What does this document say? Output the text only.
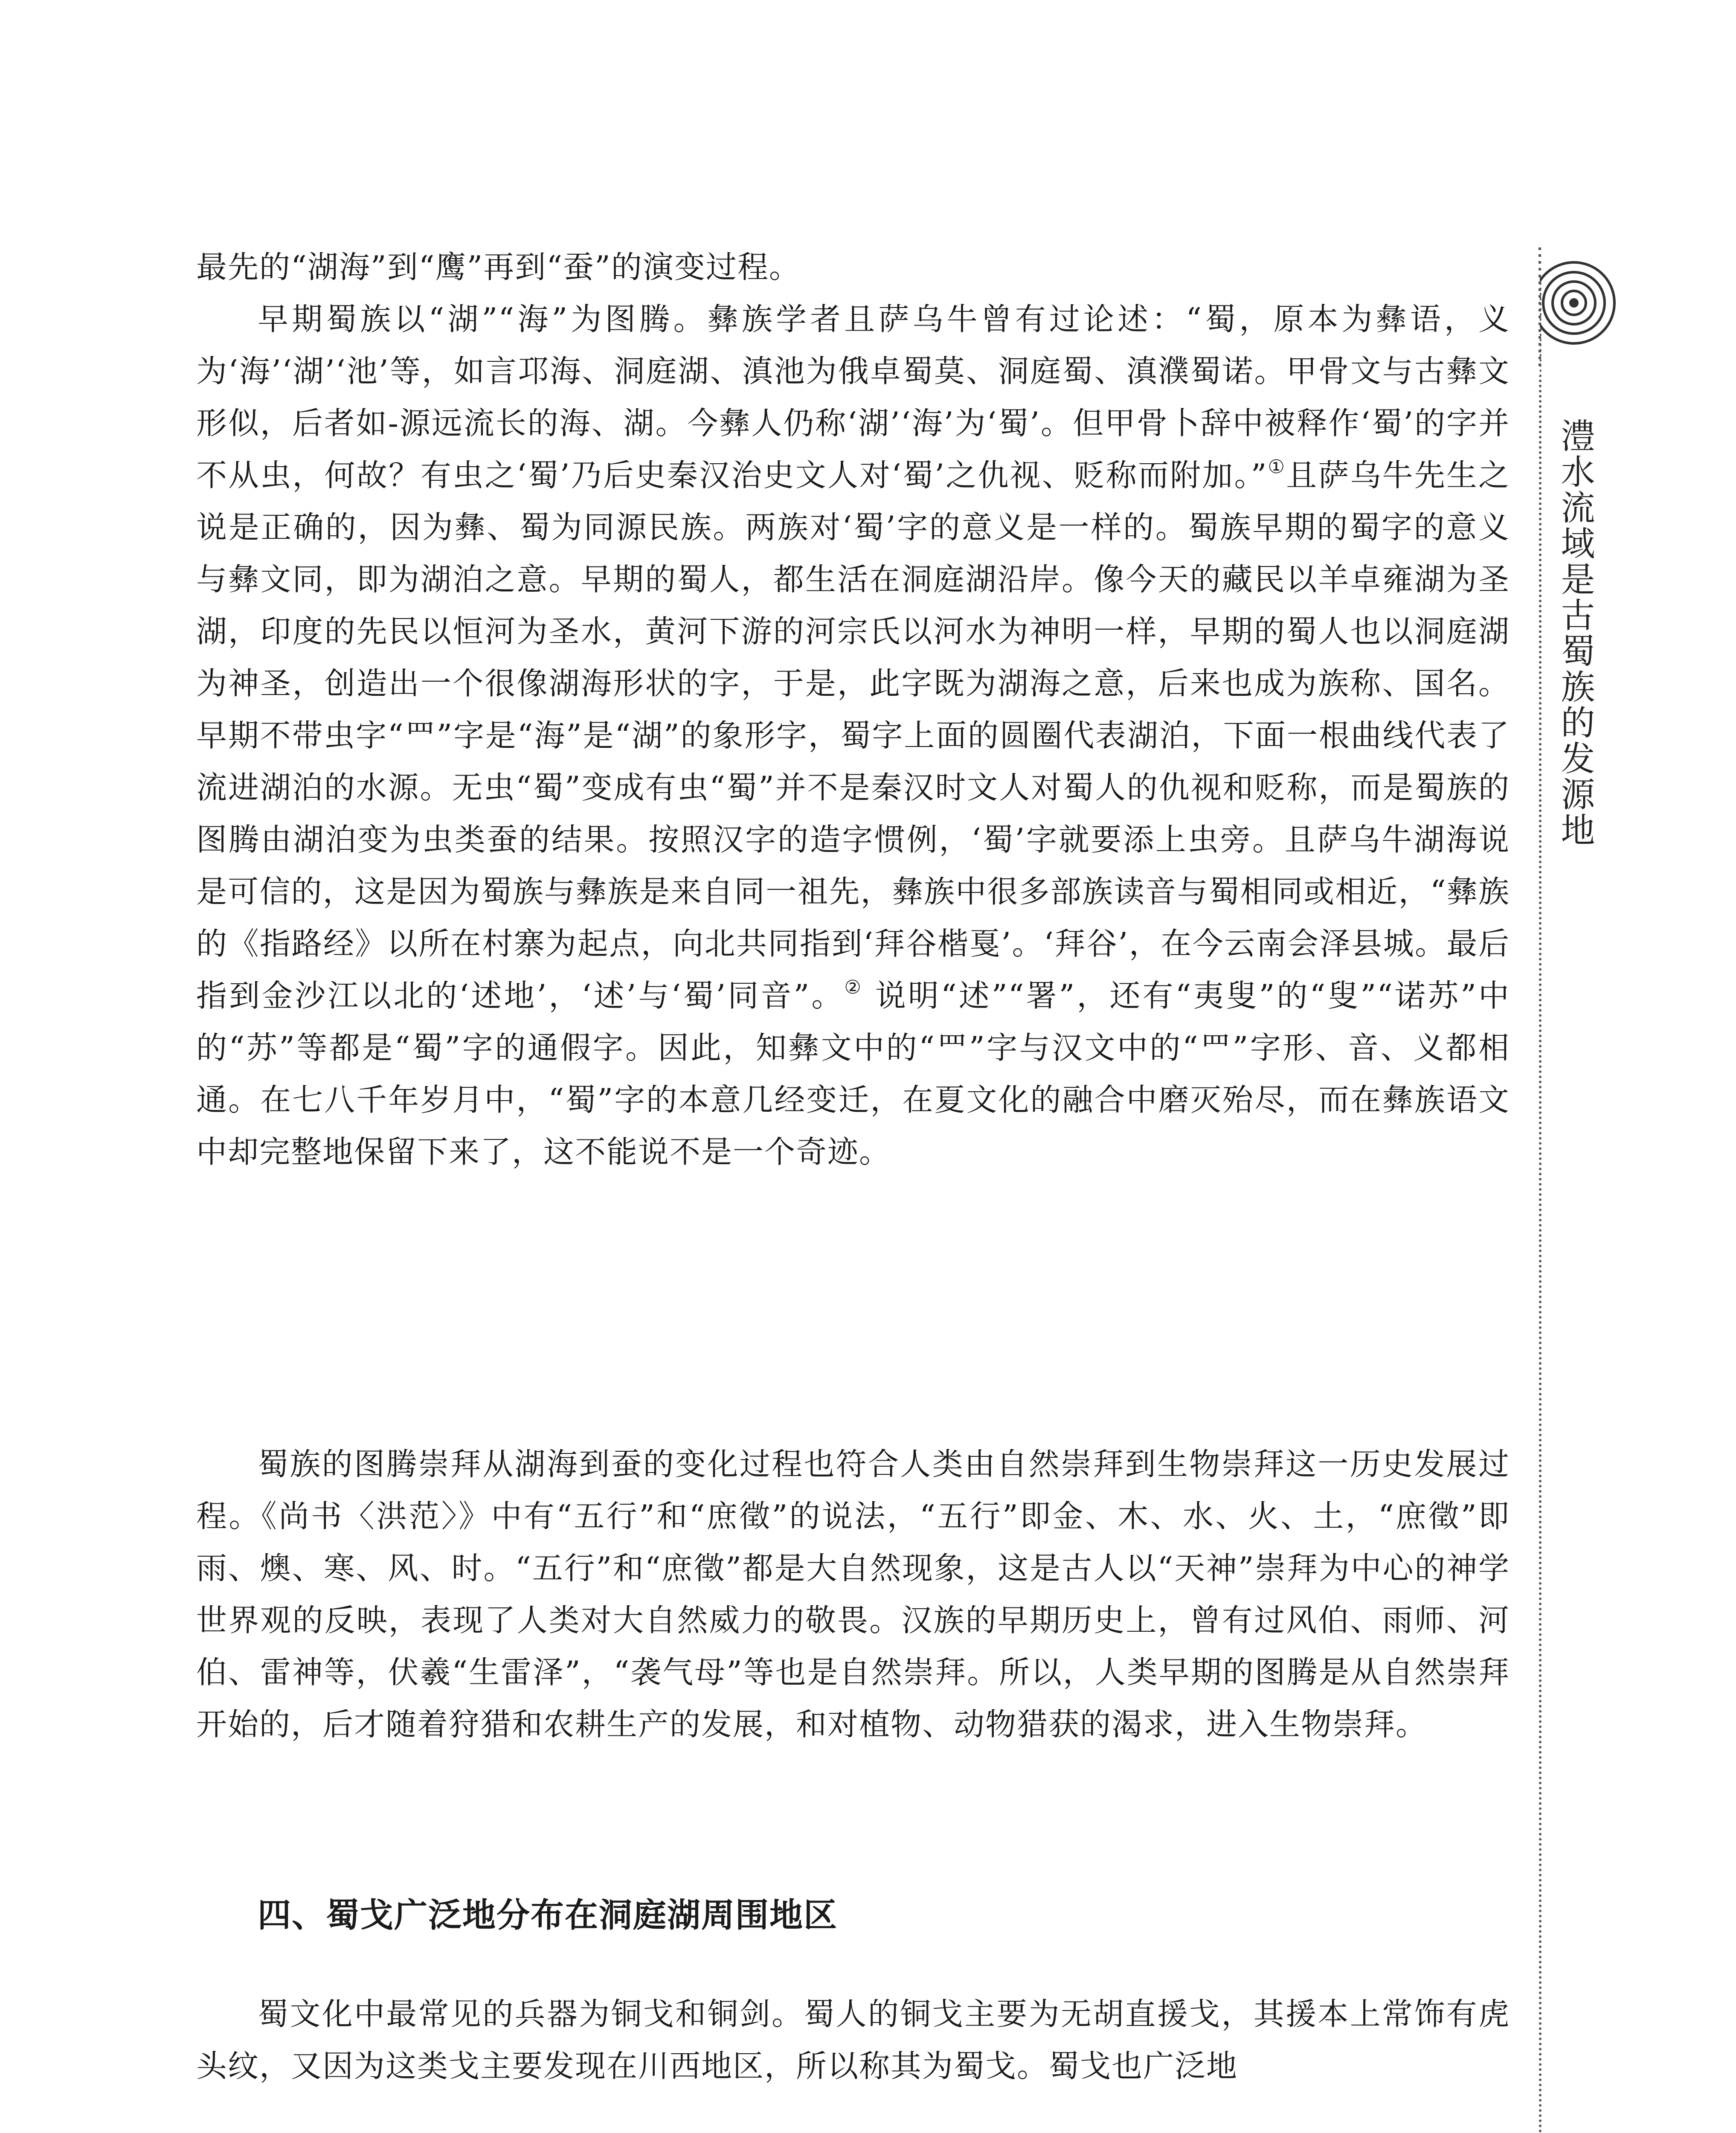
最先的“湖海”到“鹰”再到“蚕”的演变过程。

早期蜀族以“湖”“海”为图腾。彝族学者且萨乌牛曾有过论述：“蜀，原本为彝语，义为‘海’‘湖’‘池’等，如言邛海、洞庭湖、滇池为俄卓蜀莫、洞庭蜀、滇濮蜀诺。甲骨文与古彝文形似，后者如-源远流长的海、湖。今彝人仍称‘湖’‘海’为‘蜀’。但甲骨卜辞中被释作‘蜀’的字并不从虫，何故？有虫之‘蜀’乃后史秦汉治史文人对‘蜀’之仇视、贬称而附加。”①且萨乌牛先生之说是正确的，因为彝、蜀为同源民族。两族对‘蜀’字的意义是一样的。蜀族早期的蜀字的意义与彝文同，即为湖泊之意。早期的蜀人，都生活在洞庭湖沿岸。像今天的藏民以羊卓雍湖为圣湖，印度的先民以恒河为圣水，黄河下游的河宗氏以河水为神明一样，早期的蜀人也以洞庭湖为神圣，创造出一个很像湖海形状的字，于是，此字既为湖海之意，后来也成为族称、国名。早期不带虫字“罒”字是“海”是“湖”的象形字，蜀字上面的圆圈代表湖泊，下面一根曲线代表了流进湖泊的水源。无虫“蜀”变成有虫“蜀”并不是秦汉时文人对蜀人的仇视和贬称，而是蜀族的图腾由湖泊变为虫类蚕的结果。按照汉字的造字惯例，‘蜀’字就要添上虫旁。且萨乌牛湖海说是可信的，这是因为蜀族与彝族是来自同一祖先，彝族中很多部族读音与蜀相同或相近，“彝族的《指路经》以所在村寨为起点，向北共同指到‘拜谷楷戛’。‘拜谷’，在今云南会泽县城。最后指到金沙江以北的‘述地’，‘述’与‘蜀’同音”。② 说明“述”“署”，还有“夷叟”的“叟”“诺苏”中的“苏”等都是“蜀”字的通假字。因此，知彝文中的“罒”字与汉文中的“罒”字形、音、义都相通。在七八千年岁月中，“蜀”字的本意几经变迁，在夏文化的融合中磨灭殆尽，而在彝族语文中却完整地保留下来了，这不能说不是一个奇迹。

蜀族的图腾崇拜从湖海到蚕的变化过程也符合人类由自然崇拜到生物崇拜这一历史发展过程。《尚书〈洪范〉》中有“五行”和“庶徵”的说法，“五行”即金、木、水、火、土，“庶徵”即雨、燠、寒、风、时。“五行”和“庶徵”都是大自然现象，这是古人以“天神”崇拜为中心的神学世界观的反映，表现了人类对大自然威力的敬畏。汉族的早期历史上，曾有过风伯、雨师、河伯、雷神等，伏羲“生雷泽”，“袭气母”等也是自然崇拜。所以，人类早期的图腾是从自然崇拜开始的，后才随着狩猎和农耕生产的发展，和对植物、动物猎获的渴求，进入生物崇拜。

四、蜀戈广泛地分布在洞庭湖周围地区

蜀文化中最常见的兵器为铜戈和铜剑。蜀人的铜戈主要为无胡直援戈，其援本上常饰有虎头纹，又因为这类戈主要发现在川西地区，所以称其为蜀戈。蜀戈也广泛地

澧水流域是古蜀族的发源地
